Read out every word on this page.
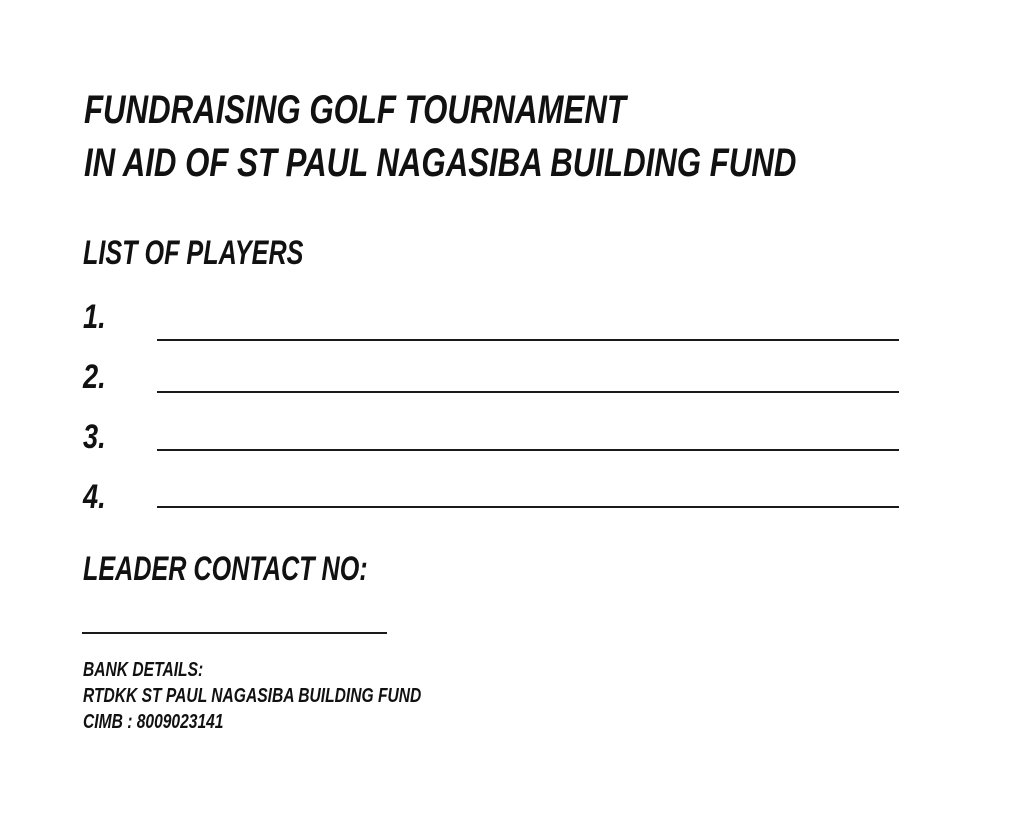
FUNDRAISING GOLF TOURNAMENT
IN AID OF ST PAUL NAGASIBA BUILDING FUND
LIST OF PLAYERS

1.

2.

3.

4.

LEADER CONTACT NO:

BANK DETAILS:

RTDKK ST PAUL NAGASIBA BUILDING FUND

CIMB : 8009023141
